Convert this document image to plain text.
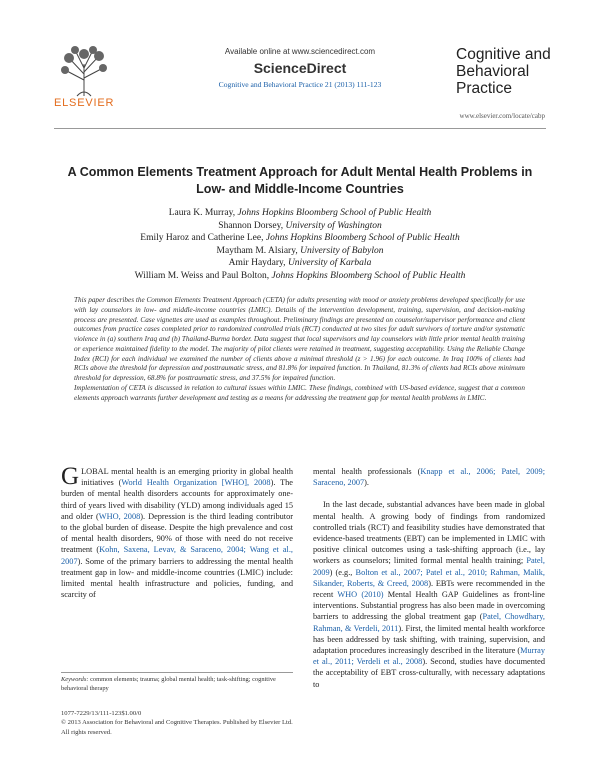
ELSEVIER
Available online at www.sciencedirect.com
ScienceDirect
Cognitive and Behavioral Practice 21 (2013) 111-123
Cognitive and
Behavioral
Practice
www.elsevier.com/locate/cabp
A Common Elements Treatment Approach for Adult Mental Health Problems in Low- and Middle-Income Countries
Laura K. Murray, Johns Hopkins Bloomberg School of Public Health
Shannon Dorsey, University of Washington
Emily Haroz and Catherine Lee, Johns Hopkins Bloomberg School of Public Health
Maytham M. Alsiary, University of Babylon
Amir Haydary, University of Karbala
William M. Weiss and Paul Bolton, Johns Hopkins Bloomberg School of Public Health

This paper describes the Common Elements Treatment Approach (CETA) for adults presenting with mood or anxiety problems developed specifically for use with lay counselors in low- and middle-income countries (LMIC). Details of the intervention development, training, supervision, and decision-making process are presented. Case vignettes are used as examples throughout. Preliminary findings are presented on counselor/supervisor performance and client outcomes from practice cases completed prior to randomized controlled trials (RCT) conducted at two sites for adult survivors of torture and/or systematic violence in (a) southern Iraq and (b) Thailand-Burma border. Data suggest that local supervisors and lay counselors with little prior mental health training or experience maintained fidelity to the model. The majority of pilot clients were retained in treatment, suggesting acceptability. Using the Reliable Change Index (RCI) for each individual we examined the number of clients above a minimal threshold (z > 1.96) for each outcome. In Iraq 100% of clients had RCIs above the threshold for depression and posttraumatic stress, and 81.8% for impaired function. In Thailand, 81.3% of clients had RCIs above minimum threshold for depression, 68.8% for posttraumatic stress, and 37.5% for impaired function.

Implementation of CETA is discussed in relation to cultural issues within LMIC. These findings, combined with US-based evidence, suggest that a common elements approach warrants further development and testing as a means for addressing the treatment gap for mental health problems in LMIC.

GLOBAL mental health is an emerging priority in global health initiatives (World Health Organization [WHO], 2008). The burden of mental health disorders accounts for approximately one-third of years lived with disability (YLD) among individuals aged 15 and older (WHO, 2008). Depression is the third leading contributor to the global burden of disease. Despite the high prevalence and cost of mental health disorders, 90% of those with need do not receive treatment (Kohn, Saxena, Levav, & Saraceno, 2004; Wang et al., 2007). Some of the primary barriers to addressing the mental health treatment gap in low- and middle-income countries (LMIC) include: limited mental health infrastructure and policies, funding, and scarcity of

Keywords: common elements; trauma; global mental health; task-shifting; cognitive behavioral therapy

1077-7229/13/111-123$1.00/0

© 2013 Association for Behavioral and Cognitive Therapies. Published by Elsevier Ltd. All rights reserved.

mental health professionals (Knapp et al., 2006; Patel, 2009; Saraceno, 2007).

In the last decade, substantial advances have been made in global mental health. A growing body of findings from randomized controlled trials (RCT) and feasibility studies have demonstrated that evidence-based treatments (EBT) can be implemented in LMIC with positive clinical outcomes using a task-shifting approach (i.e., lay workers as counselors; limited formal mental health training; Patel, 2009) (e.g., Bolton et al., 2007; Patel et al., 2010; Rahman, Malik, Sikander, Roberts, & Creed, 2008). EBTs were recommended in the recent WHO (2010) Mental Health GAP Guidelines as front-line interventions. Substantial progress has also been made in overcoming barriers to addressing the global treatment gap (Patel, Chowdhary, Rahman, & Verdeli, 2011). First, the limited mental health workforce has been addressed by task shifting, with training, supervision, and adaptation procedures increasingly described in the literature (Murray et al., 2011; Verdeli et al., 2008). Second, studies have documented the acceptability of EBT cross-culturally, with necessary adaptations to
